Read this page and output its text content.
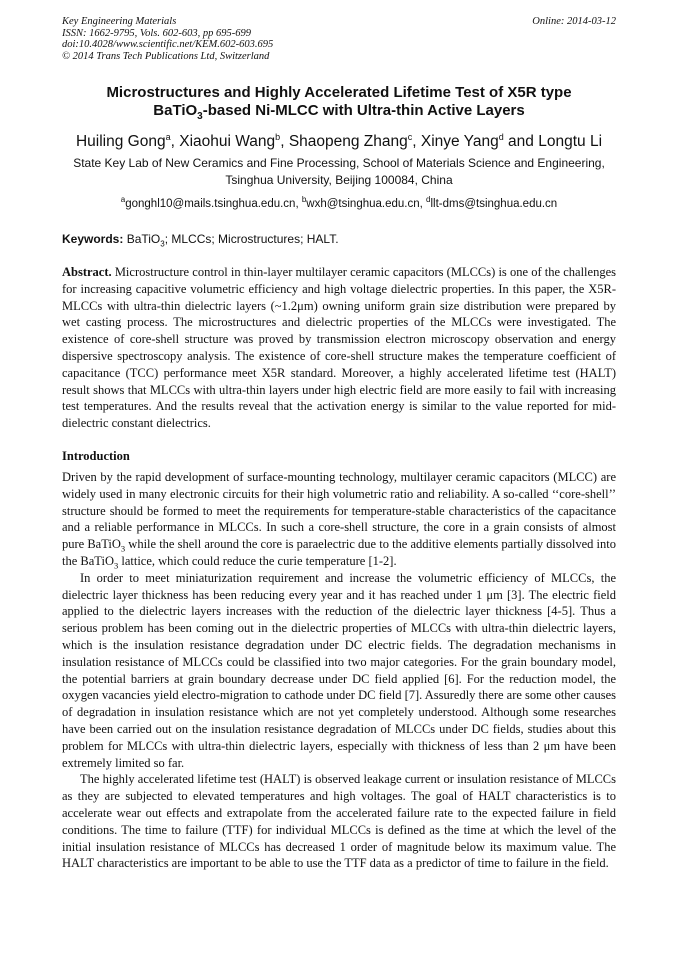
Key Engineering Materials
ISSN: 1662-9795, Vols. 602-603, pp 695-699
doi:10.4028/www.scientific.net/KEM.602-603.695
© 2014 Trans Tech Publications Ltd, Switzerland
Online: 2014-03-12
Microstructures and Highly Accelerated Lifetime Test of X5R type
BaTiO$_3$-based Ni-MLCC with Ultra-thin Active Layers
Huiling Gong$^a$, Xiaohui Wang$^b$, Shaopeng Zhang$^c$, Xinye Yang$^d$ and Longtu Li
State Key Lab of New Ceramics and Fine Processing, School of Materials Science and Engineering,
Tsinghua University, Beijing 100084, China
$^a$gonghl10@mails.tsinghua.edu.cn, $^b$wxh@tsinghua.edu.cn, $^d$llt-dms@tsinghua.edu.cn
Keywords: BaTiO$_3$; MLCCs; Microstructures; HALT.
Abstract. Microstructure control in thin-layer multilayer ceramic capacitors (MLCCs) is one of the challenges for increasing capacitive volumetric efficiency and high voltage dielectric properties. In this paper, the X5R-MLCCs with ultra-thin dielectric layers (~1.2μm) owning uniform grain size distribution were prepared by wet casting process. The microstructures and dielectric properties of the MLCCs were investigated. The existence of core-shell structure was proved by transmission electron microscopy observation and energy dispersive spectroscopy analysis. The existence of core-shell structure makes the temperature coefficient of capacitance (TCC) performance meet X5R standard. Moreover, a highly accelerated lifetime test (HALT) result shows that MLCCs with ultra-thin layers under high electric field are more easily to fail with increasing test temperatures. And the results reveal that the activation energy is similar to the value reported for mid-dielectric constant dielectrics.
Introduction

Driven by the rapid development of surface-mounting technology, multilayer ceramic capacitors (MLCC) are widely used in many electronic circuits for their high volumetric ratio and reliability. A so-called ‘‘core-shell’’ structure should be formed to meet the requirements for temperature-stable characteristics of the capacitance and a reliable performance in MLCCs. In such a core-shell structure, the core in a grain consists of almost pure BaTiO$_3$ while the shell around the core is paraelectric due to the additive elements partially dissolved into the BaTiO$_3$ lattice, which could reduce the curie temperature [1-2].

In order to meet miniaturization requirement and increase the volumetric efficiency of MLCCs, the dielectric layer thickness has been reducing every year and it has reached under 1 μm [3]. The electric field applied to the dielectric layers increases with the reduction of the dielectric layer thickness [4-5]. Thus a serious problem has been coming out in the dielectric properties of MLCCs with ultra-thin dielectric layers, which is the insulation resistance degradation under DC electric fields. The degradation mechanisms in insulation resistance of MLCCs could be classified into two major categories. For the grain boundary model, the potential barriers at grain boundary decrease under DC field applied [6]. For the reduction model, the oxygen vacancies yield electro-migration to cathode under DC field [7]. Assuredly there are some other causes of degradation in insulation resistance which are not yet completely understood. Although some researches have been carried out on the insulation resistance degradation of MLCCs under DC fields, studies about this problem for MLCCs with ultra-thin dielectric layers, especially with thickness of less than 2 μm have been extremely limited so far.

The highly accelerated lifetime test (HALT) is observed leakage current or insulation resistance of MLCCs as they are subjected to elevated temperatures and high voltages. The goal of HALT characteristics is to accelerate wear out effects and extrapolate from the accelerated failure rate to the expected failure in field conditions. The time to failure (TTF) for individual MLCCs is defined as the time at which the level of the initial insulation resistance of MLCCs has decreased 1 order of magnitude below its maximum value. The HALT characteristics are important to be able to use the TTF data as a predictor of time to failure in the field.
